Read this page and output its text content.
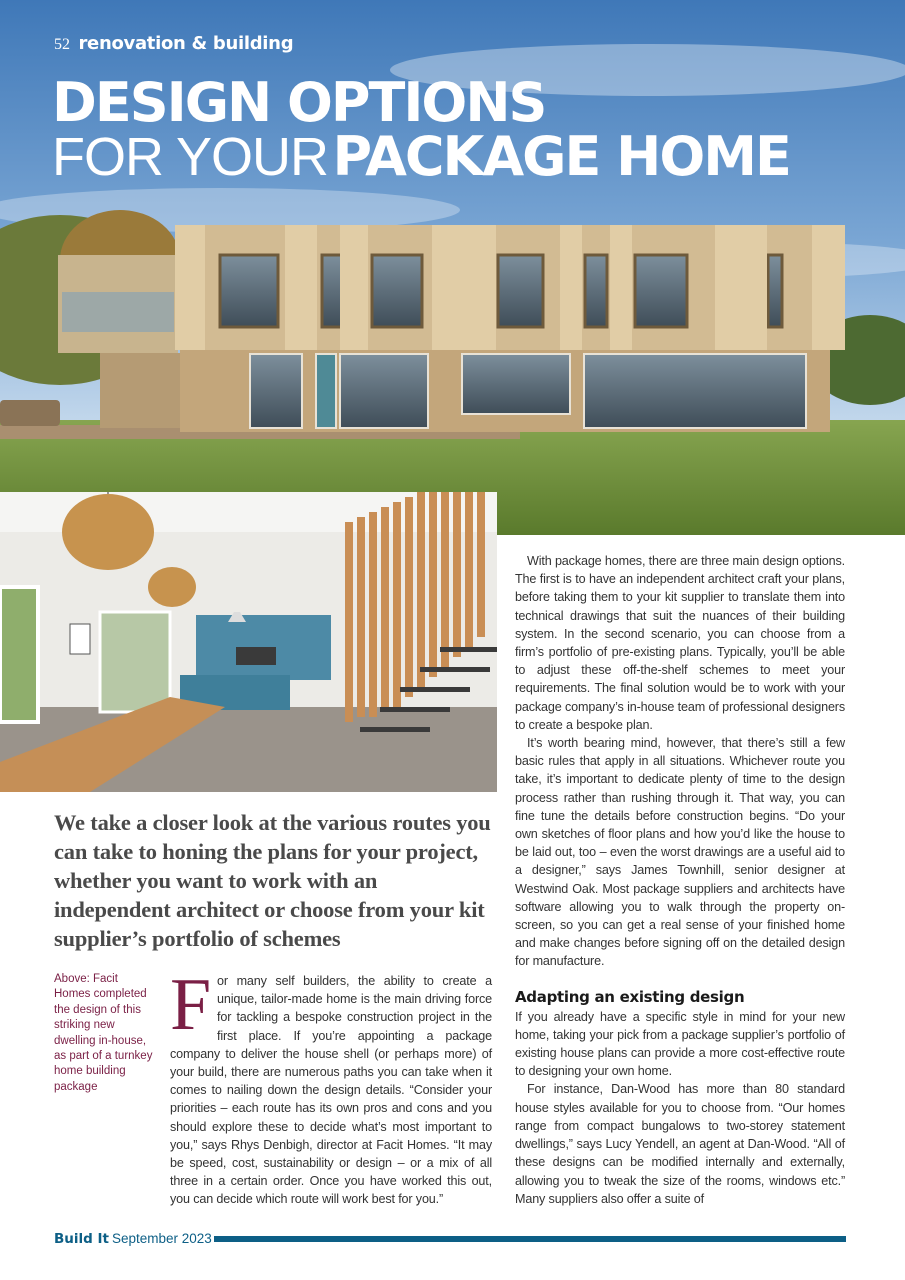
52 renovation & building
DESIGN OPTIONS
FOR YOUR PACKAGE HOME
We take a closer look at the various routes you can take to honing the plans for your project, whether you want to work with an independent architect or choose from your kit supplier’s portfolio of schemes
Above: Facit Homes completed the design of this striking new dwelling in-house, as part of a turnkey home building package

For many self builders, the ability to create a unique, tailor-made home is the main driving force for tackling a bespoke construction project in the first place. If you’re appointing a package company to deliver the house shell (or perhaps more) of your build, there are numerous paths you can take when it comes to nailing down the design details. “Consider your priorities – each route has its own pros and cons and you should explore these to decide what’s most important to you,” says Rhys Denbigh, director at Facit Homes. “It may be speed, cost, sustainability or design – or a mix of all three in a certain order. Once you have worked this out, you can decide which route will work best for you.”

With package homes, there are three main design options. The first is to have an independent architect craft your plans, before taking them to your kit supplier to translate them into technical drawings that suit the nuances of their building system. In the second scenario, you can choose from a firm’s portfolio of pre-existing plans. Typically, you’ll be able to adjust these off-the-shelf schemes to meet your requirements. The final solution would be to work with your package company’s in-house team of professional designers to create a bespoke plan.

It’s worth bearing mind, however, that there’s still a few basic rules that apply in all situations. Whichever route you take, it’s important to dedicate plenty of time to the design process rather than rushing through it. That way, you can fine tune the details before construction begins. “Do your own sketches of floor plans and how you’d like the house to be laid out, too – even the worst drawings are a useful aid to a designer,” says James Townhill, senior designer at Westwind Oak. Most package suppliers and architects have software allowing you to walk through the property on-screen, so you can get a real sense of your finished home and make changes before signing off on the detailed design for manufacture.

Adapting an existing design

If you already have a specific style in mind for your new home, taking your pick from a package supplier’s portfolio of existing house plans can provide a more cost-effective route to designing your own home.

For instance, Dan-Wood has more than 80 standard house styles available for you to choose from. “Our homes range from compact bungalows to two-storey statement dwellings,” says Lucy Yendell, an agent at Dan-Wood. “All of these designs can be modified internally and externally, allowing you to tweak the size of the rooms, windows etc.” Many suppliers also offer a suite of

Build It September 2023
